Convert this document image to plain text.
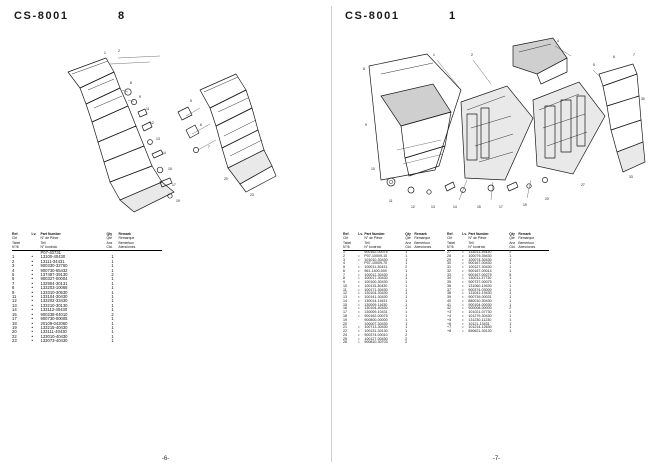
CS-8001	8
8
9
11
12
13
14
15
17
19
1	2
5
6
7
20
23
Ref.
Clé
Tabel
N°/6	Lv.	Part Number
N° de Pièce
Teil
N° kontrolo	Qty
Qté
Anz
Ctd.	Remark
Remarque
Bemerkun
Atenciones

		P07-40731		
1	•	13100-40430	1	
2	•	13111-34431	1	
3	•	900330-32760	1	
4	•	900730-65432	1	
5	•	137487-39130	2	
6	•	900327-00004	1	
7	•	132904-30131	1	
8	•	133203-10068	1	
9	•	133310-30530	1	
11	•	133104-30430	1	
12	•	133202-33430	1	
13	•	133210-30130	1	
14	•	133112-40430	1	
15	•	900238-04010	2	
17	•	900730-00005	1	
18	•	20109-042060	1	
19	•	133215-40430	1	
20	•	133111-40430	1	
22	•	133010-40430	1	
23	•	133073-40430	1	
-6-
CS-8001	1
1	2
4
5
6	7
8
9
10
11
12	13	14	15	17	19
20
27
33
30
Ref.
Clé
Tabel
N°/6	Lv.	Part Number
N° de Pièce
Teil
N° kontrolo	Qty
Qté
Anz
Ctd.	Remark
Remarque
Bemerkun
Atenciones

1		900162-00075	1	
2	•	P07-10009-10	1	
3	•	101010-30430	1	
4		P07-10009-70	1	
5	•	100011-30431	2	
6	•	961-1400-000	1	
7	•	100012-30430	1	
8	•	100017-30430	1	
9	•	100100-30430	1	
10	•	100113-30430	1	
11	•	100171-30430	1	
12	•	130104-30430	1	
13	•	100141-30430	1	
14	•	130014-11631	1	
15	•	130009-11630	1	
16	•	130104-40430	1	
17	•	130009-10431	1	
18	•	900162-00075	1	
19		900800-00000	1	
20		100007-30430	1	
21	•	100713-30430	1	
22	•	100131-30130	1	
24	•	900374-00010	2	
25	•	100127-00430	2	
26	•	900810-30703	2	
Ref.
Clé
Tabel
N°/6	Lv.	Part Number
N° de Pièce
Teil
N° kontrolo	Qty
Qté
Anz
Ctd.	Remark
Remarque
Bemerkun
Atenciones

27	•	133011-39430	2	
28	•	100079-39430	1	
29	•	100074-30430	1	
30	•	900167-00430	1	
31	•	100127-30430	1	
32	•	900167-00014	1	
33	•	900167-00275	5	
34	•	130011-37730	1	
35	•	900737-00075	1	
36	•	131060-19430	1	
37	•	900374-03000	1	
38	•	131041-19430	1	
39	•	900739-00031	1	
40	•	880010-30430	1	
41	•	900104-00030	1	
42	•	900008-00000	2	
+3	•	101021-07730	1	
+4	•	101279-30430	1	
+5	•	131230-11230	1	
+6	•	10121-13431	1	
+7	•	101214-12630	1	
+8	•	890621-30130	1	
-7-
